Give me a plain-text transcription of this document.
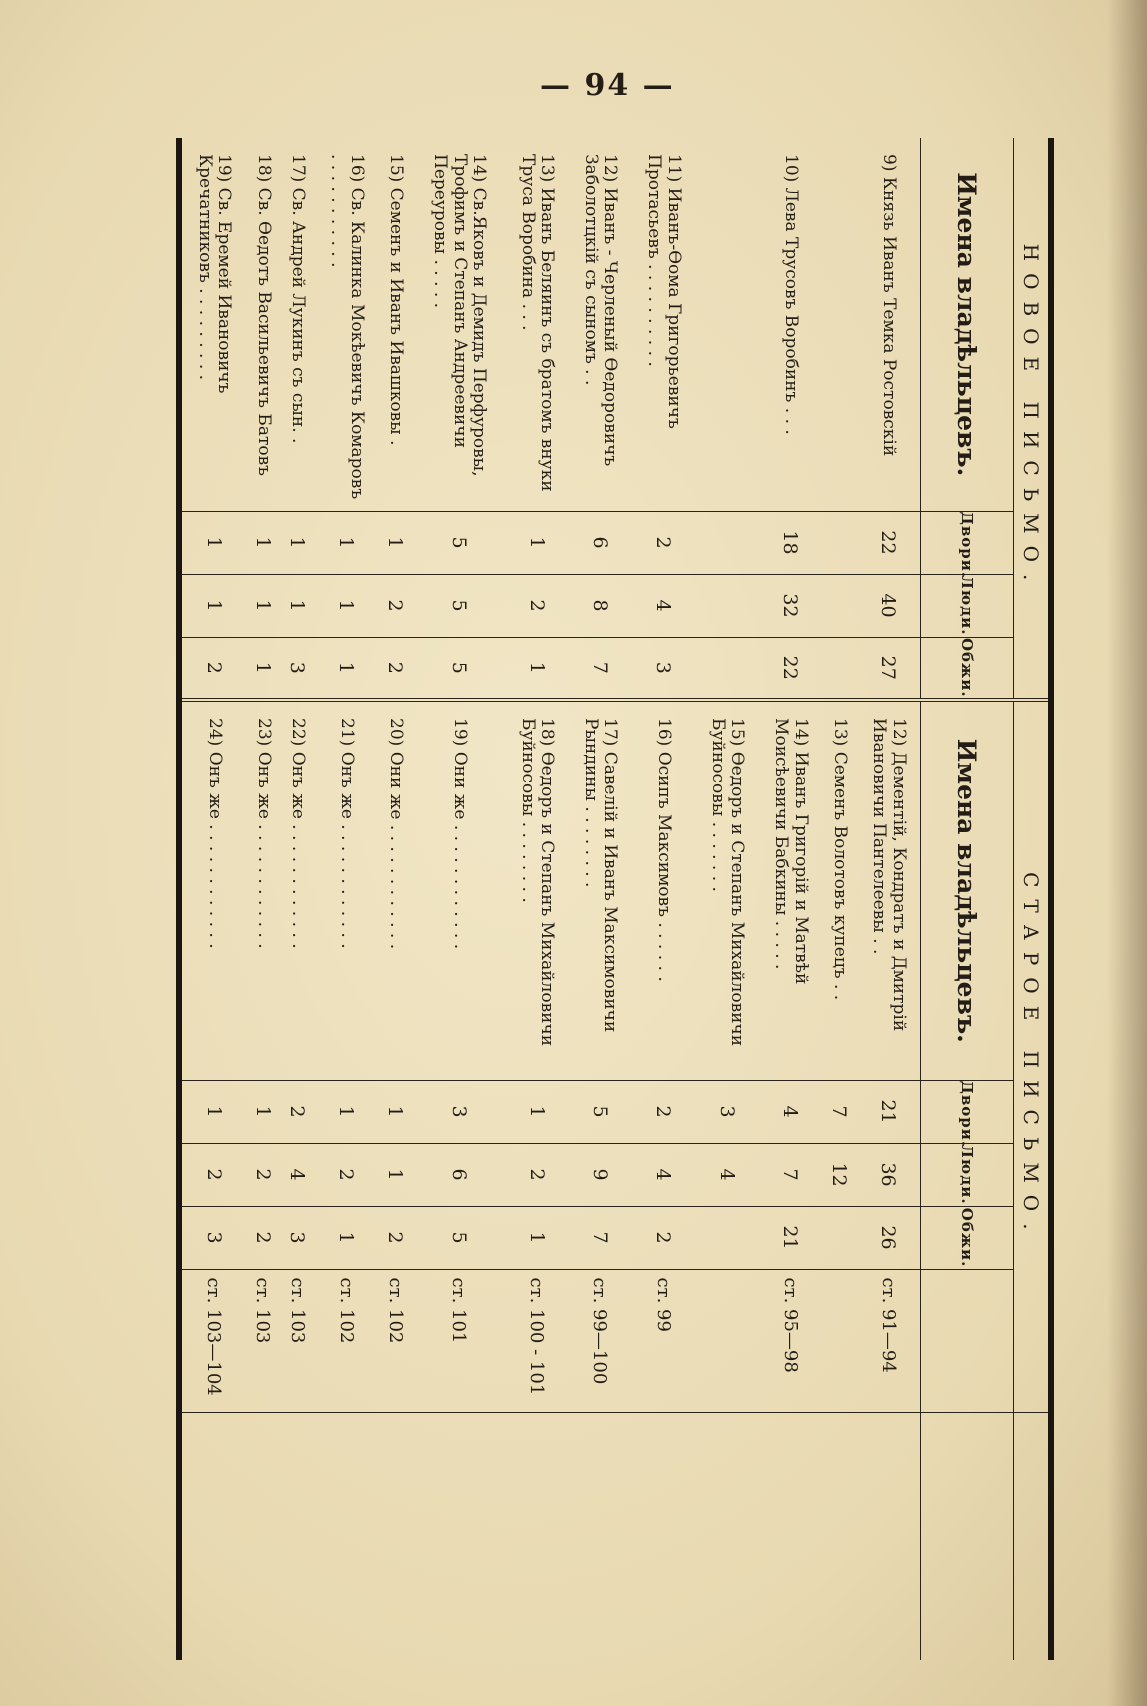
— 94 —
НОВОЕ ПИСЬМО.				СТАРОЕ ПИСЬМО.					
Имена владѣльцевъ.	Двори.	Люди.	Обжи.	Имена владѣльцевъ.	Двори.	Люди.	Обжи.		
9) Князь Иванъ Темка Ростовскій	22	40	27	12) Дементій, Кондратъ и Дмитрій Ивановичи Пантелеевы . .	21	36	26	ст. 91—94	
				13) Семенъ Волотовъ купецъ . .	7	12			
10) Лева Трусовъ Воробинъ . . .	18	32	22	14) Иванъ Григорій и Матвѣй Моисѣевичи Бабкины . . . . .	4	7	21	ст. 95—98	
				15) Ѳедоръ и Степанъ Михайловичи Буйносовы . . . . . . .	3	4			
11) Иванъ-Ѳома Григорьевичъ Протасьевъ . . . . . . . . . .	2	4	3	16) Осипъ Максимовъ . . . . . .	2	4	2	ст. 99	
12) Иванъ - Черленый Ѳедоровичъ Заболотцкій съ сыномъ . .	6	8	7	17) Савелій и Иванъ Максимовичи Рындины . . . . . . . .	5	9	7	ст. 99—100	
13) Иванъ Беляинъ съ братомъ внуки Труса Воробина . . .	1	2	1	18) Ѳедоръ и Степанъ Михайловичи Буйносовы . . . . . . . .	1	2	1	ст. 100 - 101	
14) Св.Яковъ и Демидъ Перфуровы, Трофимъ и Степанъ Андреевичи Переуровы . . . . .	5	5	5	19) Они же . . . . . . . . . . . .	3	6	5	ст. 101	
15) Семенъ и Иванъ Ивашковы .	1	2	2	20) Они же . . . . . . . . . . . .	1	1	2	ст. 102	
16) Св. Калинка Мокѣевичъ Комаровъ . . . . . . . . . . .	1	1	1	21) Онъ же . . . . . . . . . . . .	1	2	1	ст. 102	
17) Св. Андрей Лукинъ съ сын. .	1	1	3	22) Онъ же . . . . . . . . . . . .	2	4	3	ст. 103	
18) Св. Ѳедотъ Васильевичъ Батовъ	1	1	1	23) Онъ же . . . . . . . . . . . .	1	2	2	ст. 103	
19) Св. Еремей Ивановичъ Кречатниковъ . . . . . . . . .	1	1	2	24) Онъ же . . . . . . . . . . . .	1	2	3	ст. 103—104	
